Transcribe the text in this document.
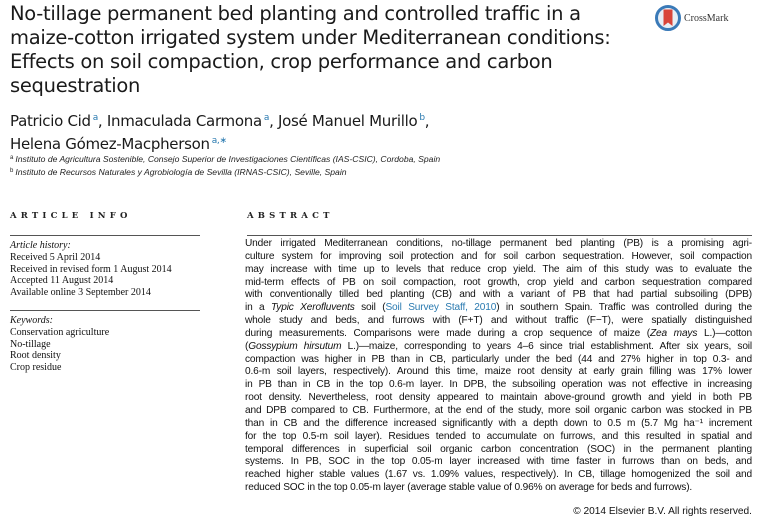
No-tillage permanent bed planting and controlled traffic in a
maize-cotton irrigated system under Mediterranean conditions:
Effects on soil compaction, crop performance and carbon
sequestration
CrossMark
Patricio Cid $^a$, Inmaculada Carmona $^a$, José Manuel Murillo $^b$,
Helena Gómez-Macpherson $^{a,∗}$
$^a$ Instituto de Agricultura Sostenible, Consejo Superior de Investigaciones Científicas (IAS-CSIC), Cordoba, Spain
$^b$ Instituto de Recursos Naturales y Agrobiología de Sevilla (IRNAS-CSIC), Seville, Spain
ARTICLE INFO	ABSTRACT
Article history:
Received 5 April 2014
Received in revised form 1 August 2014
Accepted 11 August 2014
Available online 3 September 2014
Keywords:
Conservation agriculture
No-tillage
Root density
Crop residue
Under irrigated Mediterranean conditions, no-tillage permanent bed planting (PB) is a promising agri-
culture system for improving soil protection and for soil carbon sequestration. However, soil compaction
may increase with time up to levels that reduce crop yield. The aim of this study was to evaluate the
mid-term effects of PB on soil compaction, root growth, crop yield and carbon sequestration compared
with conventionally tilled bed planting (CB) and with a variant of PB that had partial subsoiling (DPB)
in a Typic Xerofluvents soil (Soil Survey Staff, 2010) in southern Spain. Traffic was controlled during the
whole study and beds, and furrows with (F+T) and without traffic (F−T), were spatially distinguished
during measurements. Comparisons were made during a crop sequence of maize (Zea mays L.)—cotton
(Gossypium hirsutum L.)—maize, corresponding to years 4–6 since trial establishment. After six years, soil
compaction was higher in PB than in CB, particularly under the bed (44 and 27% higher in top 0.3- and
0.6-m soil layers, respectively). Around this time, maize root density at early grain filling was 17% lower
in PB than in CB in the top 0.6-m layer. In DPB, the subsoiling operation was not effective in increasing
root density. Nevertheless, root density appeared to maintain above-ground growth and yield in both PB
and DPB compared to CB. Furthermore, at the end of the study, more soil organic carbon was stocked in PB
than in CB and the difference increased significantly with a depth down to 0.5 m (5.7 Mg ha⁻¹ increment
for the top 0.5-m soil layer). Residues tended to accumulate on furrows, and this resulted in spatial and
temporal differences in superficial soil organic carbon concentration (SOC) in the permanent planting
systems. In PB, SOC in the top 0.05-m layer increased with time faster in furrows than on beds, and
reached higher stable values (1.67 vs. 1.09% values, respectively). In CB, tillage homogenized the soil and
reduced SOC in the top 0.05-m layer (average stable value of 0.96% on average for beds and furrows).
© 2014 Elsevier B.V. All rights reserved.
